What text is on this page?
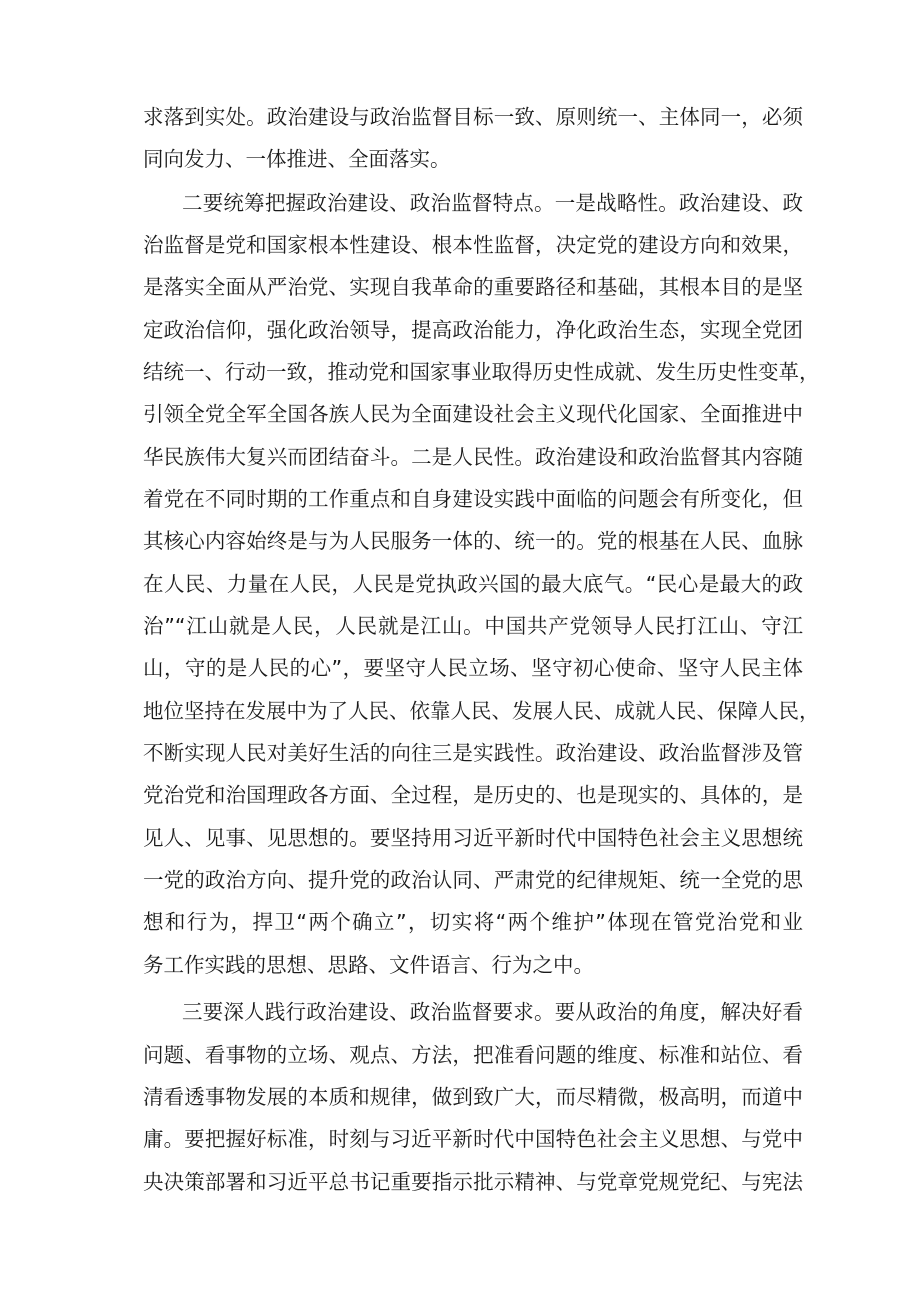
求落到实处。政治建设与政治监督目标一致、原则统一、主体同一，必须
同向发力、一体推进、全面落实。
二要统筹把握政治建设、政治监督特点。一是战略性。政治建设、政
治监督是党和国家根本性建设、根本性监督，决定党的建设方向和效果，
是落实全面从严治党、实现自我革命的重要路径和基础，其根本目的是坚
定政治信仰，强化政治领导，提高政治能力，净化政治生态，实现全党团
结统一、行动一致，推动党和国家事业取得历史性成就、发生历史性变革，
引领全党全军全国各族人民为全面建设社会主义现代化国家、全面推进中
华民族伟大复兴而团结奋斗。二是人民性。政治建设和政治监督其内容随
着党在不同时期的工作重点和自身建设实践中面临的问题会有所变化，但
其核心内容始终是与为人民服务一体的、统一的。党的根基在人民、血脉
在人民、力量在人民，人民是党执政兴国的最大底气。“民心是最大的政
治”“江山就是人民，人民就是江山。中国共产党领导人民打江山、守江
山，守的是人民的心”，要坚守人民立场、坚守初心使命、坚守人民主体
地位坚持在发展中为了人民、依靠人民、发展人民、成就人民、保障人民，
不断实现人民对美好生活的向往三是实践性。政治建设、政治监督涉及管
党治党和治国理政各方面、全过程，是历史的、也是现实的、具体的，是
见人、见事、见思想的。要坚持用习近平新时代中国特色社会主义思想统
一党的政治方向、提升党的政治认同、严肃党的纪律规矩、统一全党的思
想和行为，捍卫“两个确立”，切实将“两个维护”体现在管党治党和业
务工作实践的思想、思路、文件语言、行为之中。
三要深人践行政治建设、政治监督要求。要从政治的角度，解决好看
问题、看事物的立场、观点、方法，把准看问题的维度、标准和站位、看
清看透事物发展的本质和规律，做到致广大，而尽精微，极高明，而道中
庸。要把握好标准，时刻与习近平新时代中国特色社会主义思想、与党中
央决策部署和习近平总书记重要指示批示精神、与党章党规党纪、与宪法
